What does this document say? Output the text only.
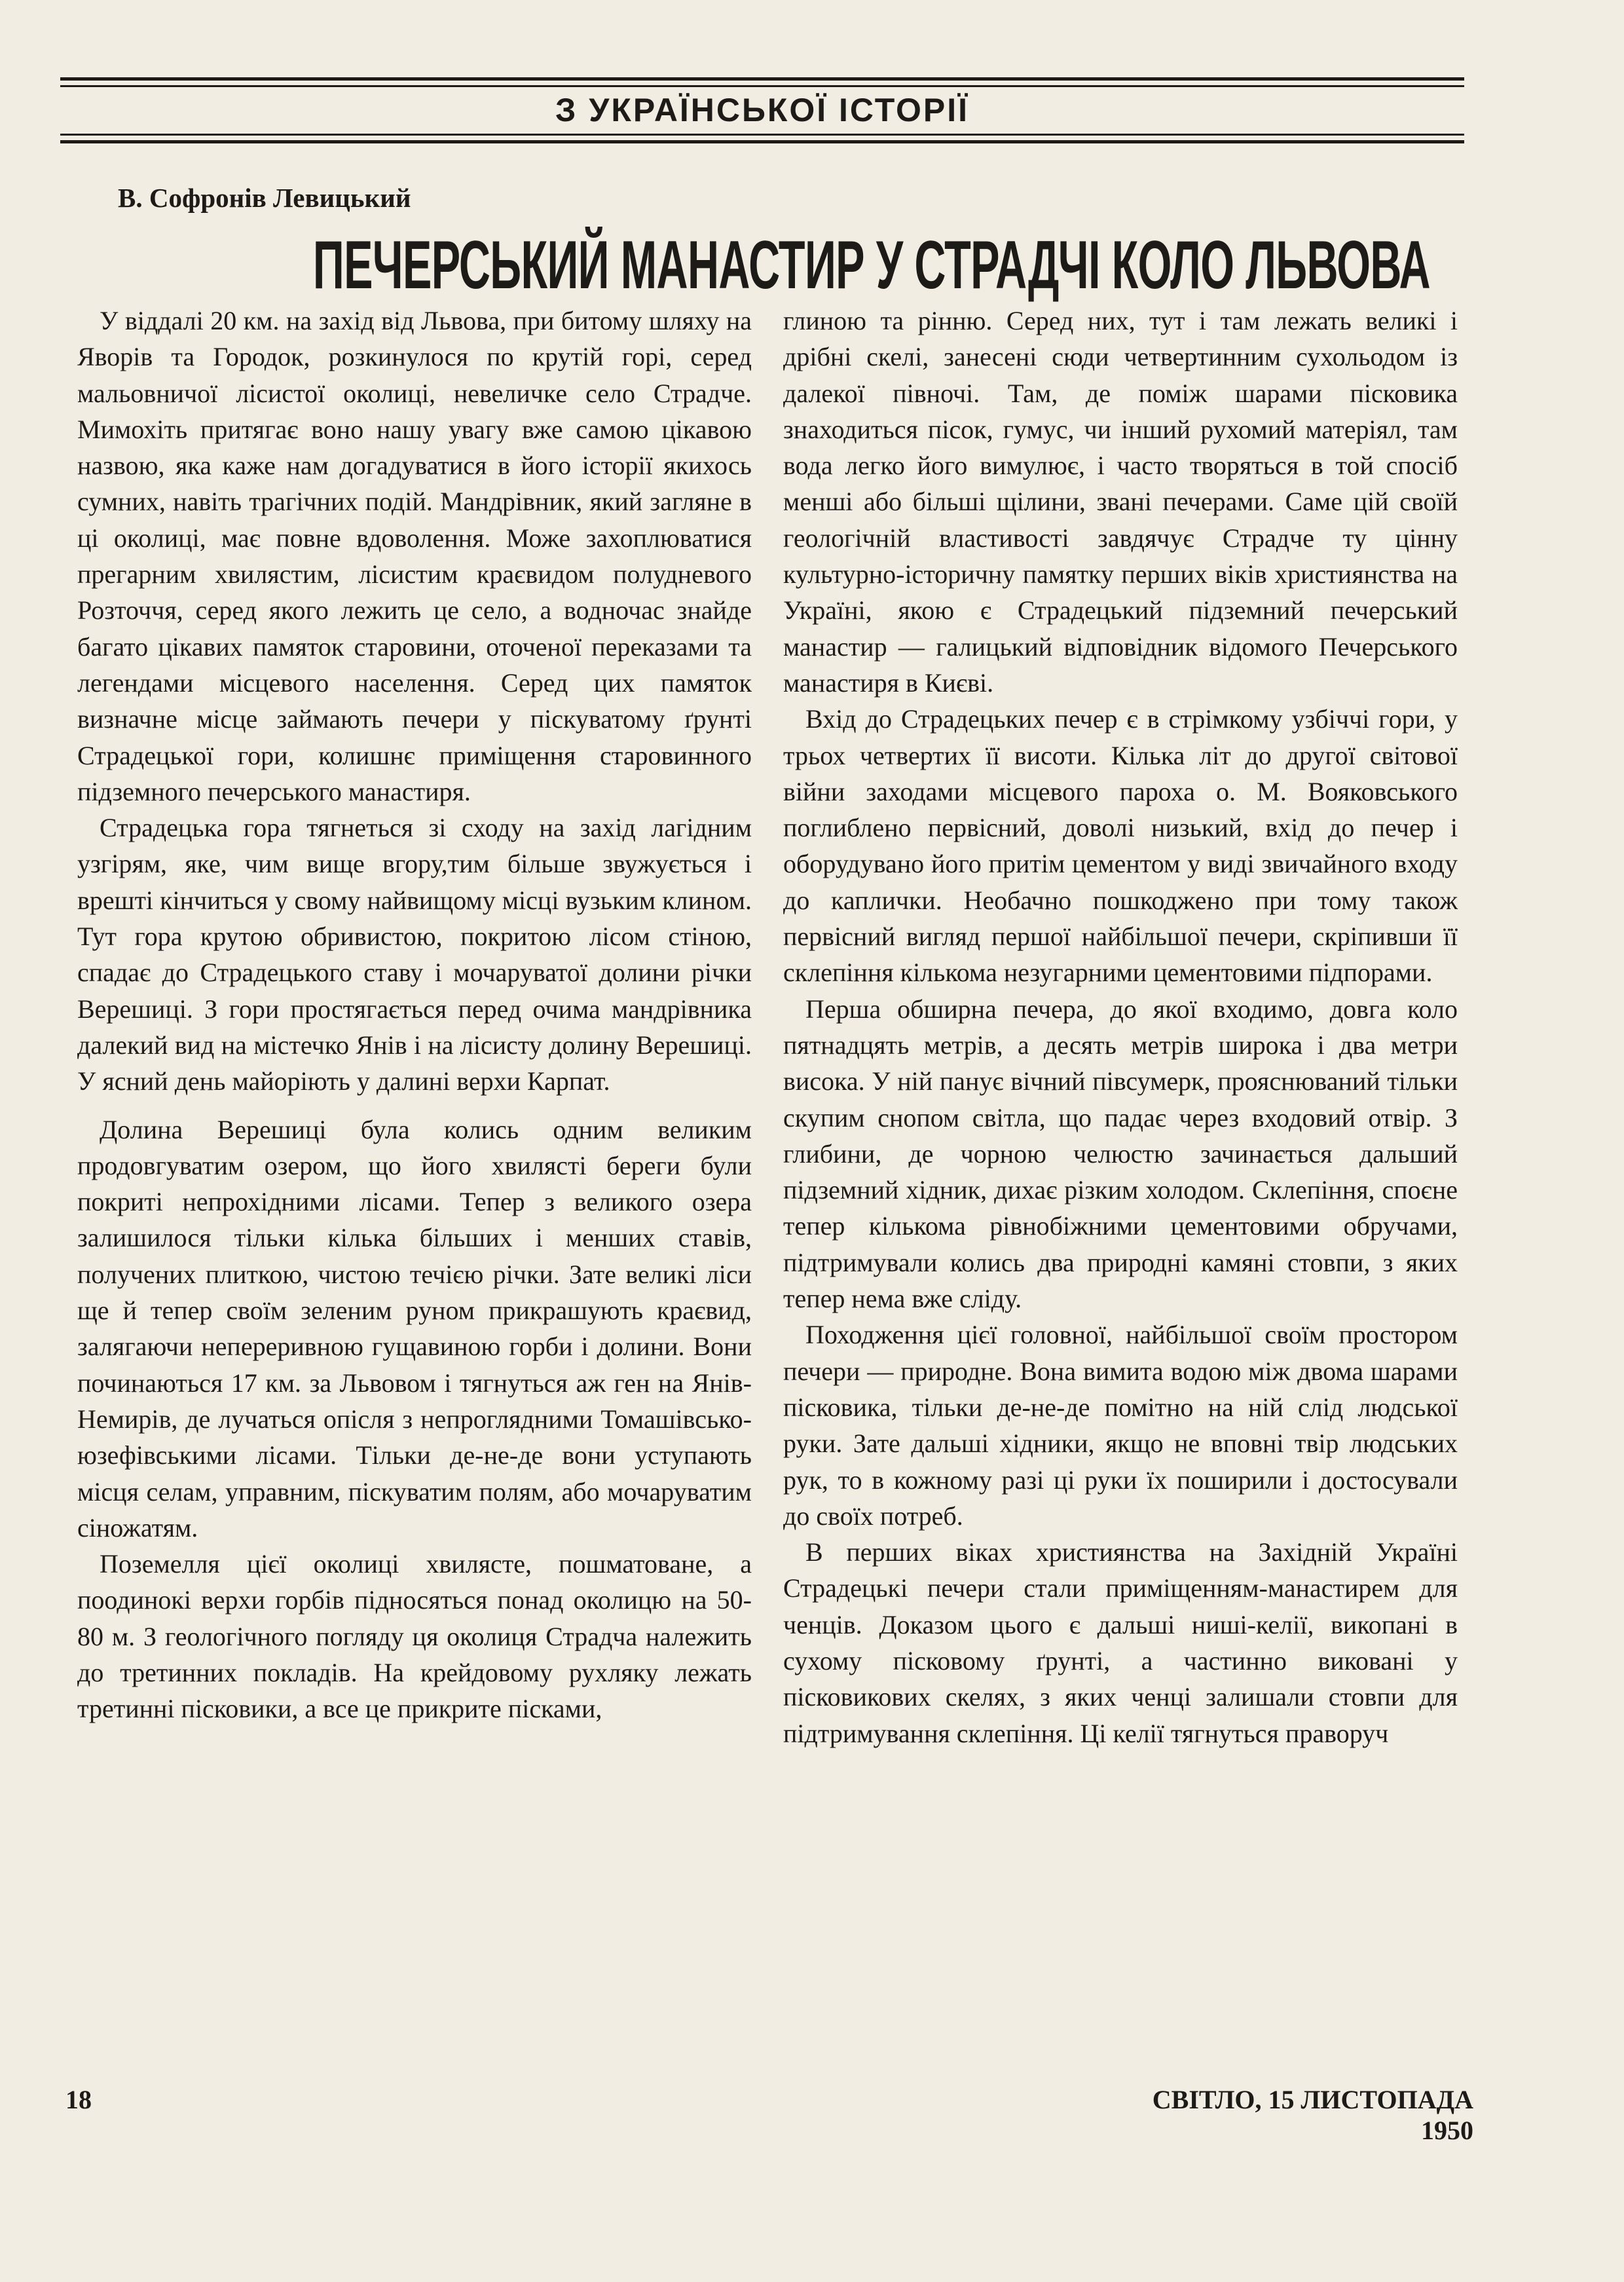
З УКРАЇНСЬКОЇ ІСТОРІЇ
В. Софронів Левицький
ПЕЧЕРСЬКИЙ МАНАСТИР У СТРАДЧІ КОЛО ЛЬВОВА

У віддалі 20 км. на захід від Львова, при битому шляху на Яворів та Городок, розкинулося по крутій горі, серед мальовничої лісистої околиці, невеличке село Страдче. Мимохіть притягає воно нашу увагу вже самою цікавою назвою, яка каже нам догадуватися в його історії якихось сумних, навіть трагічних подій. Мандрівник, який загляне в ці околиці, має повне вдоволення. Може захоплюватися прегарним хвилястим, лісистим краєвидом полудневого Розточчя, серед якого лежить це село, а водночас знайде багато цікавих памяток старовини, оточеної переказами та легендами місцевого населення. Серед цих памяток визначне місце займають печери у піскуватому ґрунті Страдецької гори, колишнє приміщення старовинного підземного печерського манастиря.

Страдецька гора тягнеться зі сходу на захід лагідним узгірям, яке, чим вище вгору,тим більше звужується і врешті кінчиться у свому найвищому місці вузьким клином. Тут гора крутою обривистою, покритою лісом стіною, спадає до Страдецького ставу і мочаруватої долини річки Верешиці. З гори простягається перед очима мандрівника далекий вид на містечко Янів і на лісисту долину Верешиці. У ясний день майоріють у далині верхи Карпат.

Долина Верешиці була колись одним великим продовгуватим озером, що його хвилясті береги були покриті непрохідними лісами. Тепер з великого озера залишилося тільки кілька більших і менших ставів, получених плиткою, чистою течією річки. Зате великі ліси ще й тепер своїм зеленим руном прикрашують краєвид, залягаючи непереривною гущавиною горби і долини. Вони починаються 17 км. за Львовом і тягнуться аж ген на Янів-Немирів, де лучаться опісля з непроглядними Томашівсько-юзефівськими лісами. Тільки де-не-де вони уступають місця селам, управним, піскуватим полям, або мочаруватим сіножатям.

Поземелля цієї околиці хвилясте, пошматоване, а поодинокі верхи горбів підносяться понад околицю на 50-80 м. З геологічного погляду ця околиця Страдча належить до третинних покладів. На крейдовому рухляку лежать третинні пісковики, а все це прикрите пісками,

глиною та рінню. Серед них, тут і там лежать великі і дрібні скелі, занесені сюди четвертинним сухольодом із далекої півночі. Там, де поміж шарами пісковика знаходиться пісок, гумус, чи інший рухомий матеріял, там вода легко його вимулює, і часто творяться в той спосіб менші або більші щілини, звані печерами. Саме цій своїй геологічній властивості завдячує Страдче ту цінну культурно-історичну памятку перших віків християнства на Україні, якою є Страдецький підземний печерський манастир — галицький відповідник відомого Печерського манастиря в Києві.

Вхід до Страдецьких печер є в стрімкому узбіччі гори, у трьох четвертих її висоти. Кілька літ до другої світової війни заходами місцевого пароха о. М. Вояковського поглиблено первісний, доволі низький, вхід до печер і оборудувано його притім цементом у виді звичайного входу до каплички. Необачно пошкоджено при тому також первісний вигляд першої найбільшої печери, скріпивши її склепіння кількома незугарними цементовими підпорами.

Перша обширна печера, до якої входимо, довга коло пятнадцять метрів, а десять метрів широка і два метри висока. У ній панує вічний півсумерк, прояснюваний тільки скупим снопом світла, що падає через входовий отвір. З глибини, де чорною челюстю зачинається дальший підземний хідник, дихає різким холодом. Склепіння, споєне тепер кількома рівнобіжними цементовими обручами, підтримували колись два природні камяні стовпи, з яких тепер нема вже сліду.

Походження цієї головної, найбільшої своїм простором печери — природне. Вона вимита водою між двома шарами пісковика, тільки де-не-де помітно на ній слід людської руки. Зате дальші хідники, якщо не вповні твір людських рук, то в кожному разі ці руки їх поширили і достосували до своїх потреб.

В перших віках християнства на Західній Україні Страдецькі печери стали приміщенням-манастирем для ченців. Доказом цього є дальші ниші-келії, викопані в сухому пісковому ґрунті, а частинно виковані у пісковикових скелях, з яких ченці залишали стовпи для підтримування склепіння. Ці келії тягнуться праворуч

18	СВІТЛО, 15 ЛИСТОПАДА 1950
